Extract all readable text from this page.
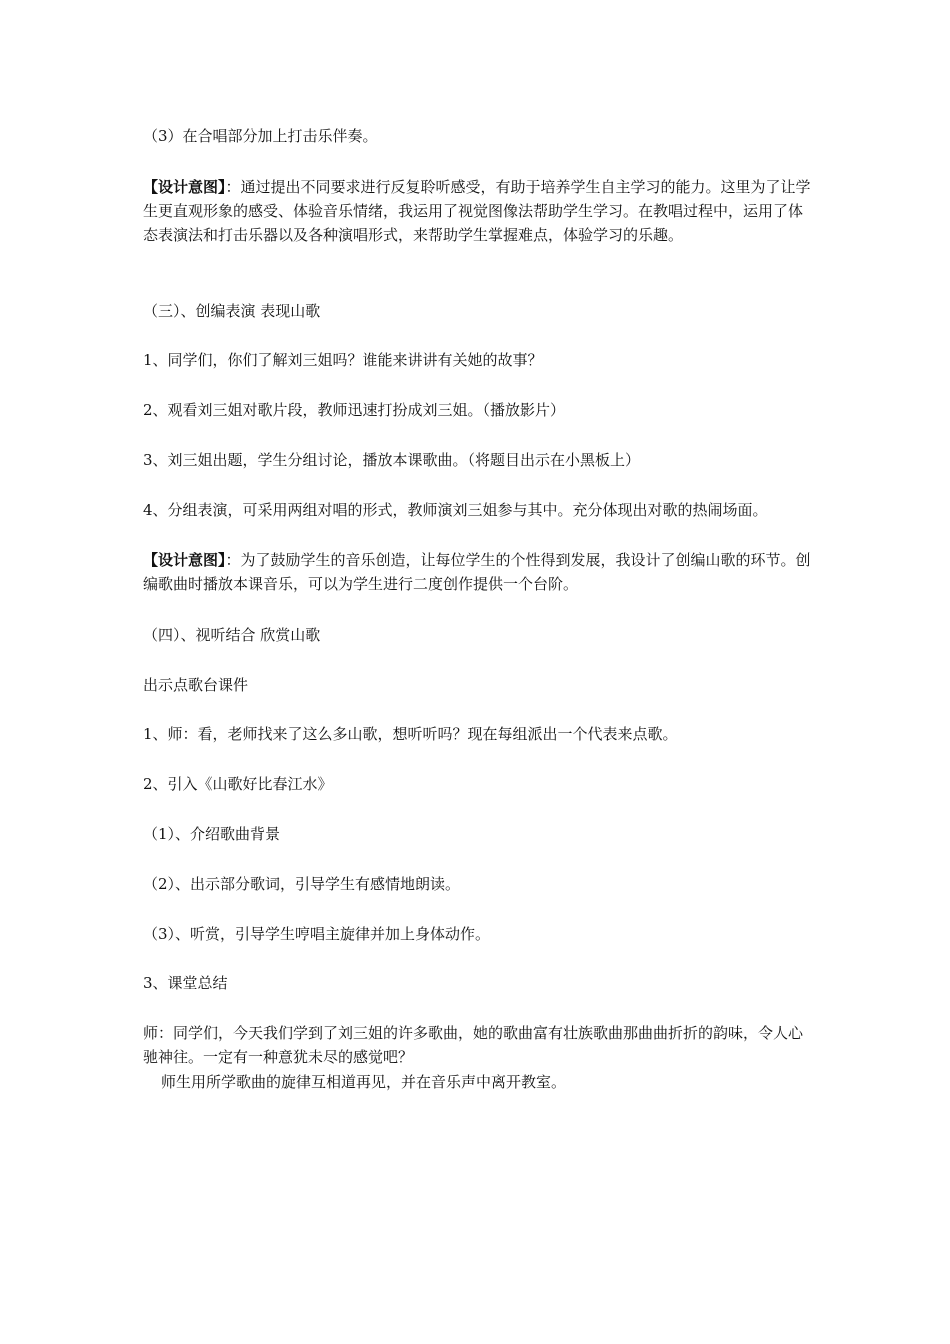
（3）在合唱部分加上打击乐伴奏。

【设计意图】：通过提出不同要求进行反复聆听感受，有助于培养学生自主学习的能力。这里为了让学生更直观形象的感受、体验音乐情绪，我运用了视觉图像法帮助学生学习。在教唱过程中，运用了体态表演法和打击乐器以及各种演唱形式，来帮助学生掌握难点，体验学习的乐趣。

（三）、创编表演 表现山歌

1、同学们，你们了解刘三姐吗？谁能来讲讲有关她的故事？

2、观看刘三姐对歌片段，教师迅速打扮成刘三姐。（播放影片）

3、刘三姐出题，学生分组讨论，播放本课歌曲。（将题目出示在小黑板上）

4、分组表演，可采用两组对唱的形式，教师演刘三姐参与其中。充分体现出对歌的热闹场面。

【设计意图】：为了鼓励学生的音乐创造，让每位学生的个性得到发展，我设计了创编山歌的环节。创编歌曲时播放本课音乐，可以为学生进行二度创作提供一个台阶。

（四）、视听结合 欣赏山歌

出示点歌台课件

1、师：看，老师找来了这么多山歌，想听听吗？现在每组派出一个代表来点歌。

2、引入《山歌好比春江水》

（1）、介绍歌曲背景

（2）、出示部分歌词，引导学生有感情地朗读。

（3）、听赏，引导学生哼唱主旋律并加上身体动作。

3、课堂总结

师：同学们，今天我们学到了刘三姐的许多歌曲，她的歌曲富有壮族歌曲那曲曲折折的韵味，令人心驰神往。一定有一种意犹未尽的感觉吧？

师生用所学歌曲的旋律互相道再见，并在音乐声中离开教室。
